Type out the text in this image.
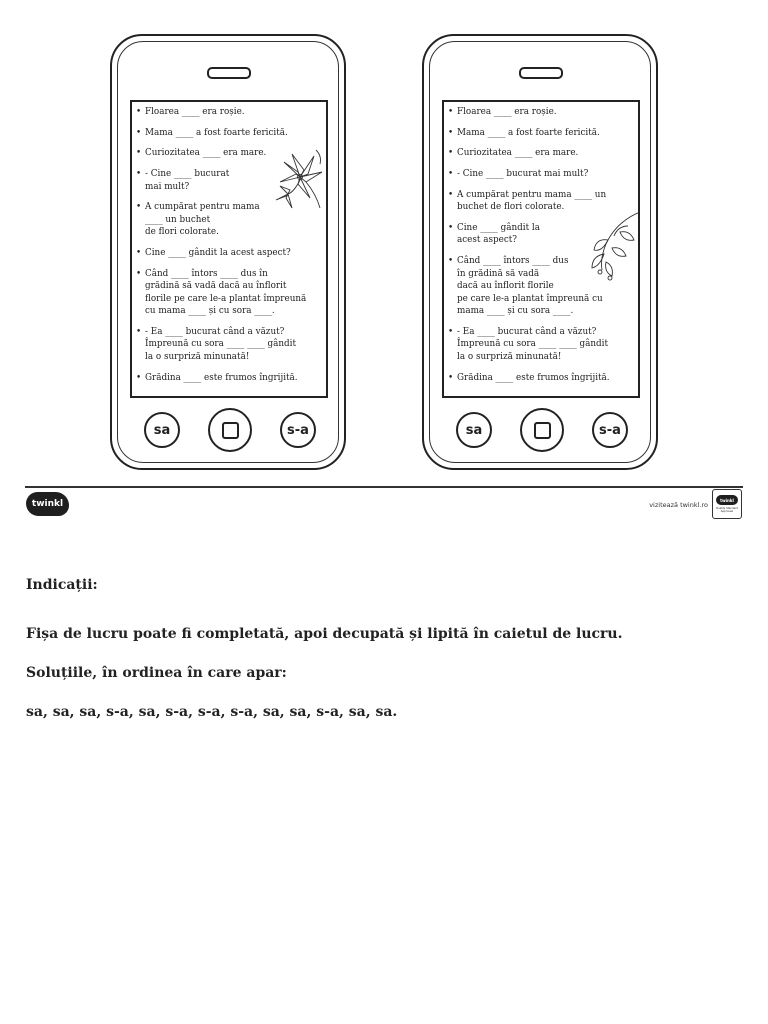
• Floarea ____ era roșie.
• Mama ____ a fost foarte fericită.
• Curiozitatea ____ era mare.
• - Cine ____ bucurat
mai mult?
• A cumpărat pentru mama
____ un buchet
de flori colorate.
• Cine ____ gândit la acest aspect?
• Când ____ întors ____ dus în
grădină să vadă dacă au înflorit
florile pe care le-a plantat împreună
cu mama ____ și cu sora ____.
• - Ea ____ bucurat când a văzut?
Împreună cu sora ____ ____ gândit
la o surpriză minunată!
• Grădina ____ este frumos îngrijită.
sa	s-a
• Floarea ____ era roșie.
• Mama ____ a fost foarte fericită.
• Curiozitatea ____ era mare.
• - Cine ____ bucurat mai mult?
• A cumpărat pentru mama ____ un
buchet de flori colorate.
• Cine ____ gândit la
acest aspect?
• Când ____ întors ____ dus
în grădină să vadă
dacă au înflorit florile
pe care le-a plantat împreună cu
mama ____ și cu sora ____.
• - Ea ____ bucurat când a văzut?
Împreună cu sora ____ ____ gândit
la o surpriză minunată!
• Grădina ____ este frumos îngrijită.
sa	s-a
twinkl	vizitează twinkl.ro
twinkl
Quality Standard Approved

Indicații:

Fișa de lucru poate fi completată, apoi decupată și lipită în caietul de lucru.

Soluțiile, în ordinea în care apar:

sa, sa, sa, s-a, sa, s-a, s-a, s-a, sa, sa, s-a, sa, sa.
